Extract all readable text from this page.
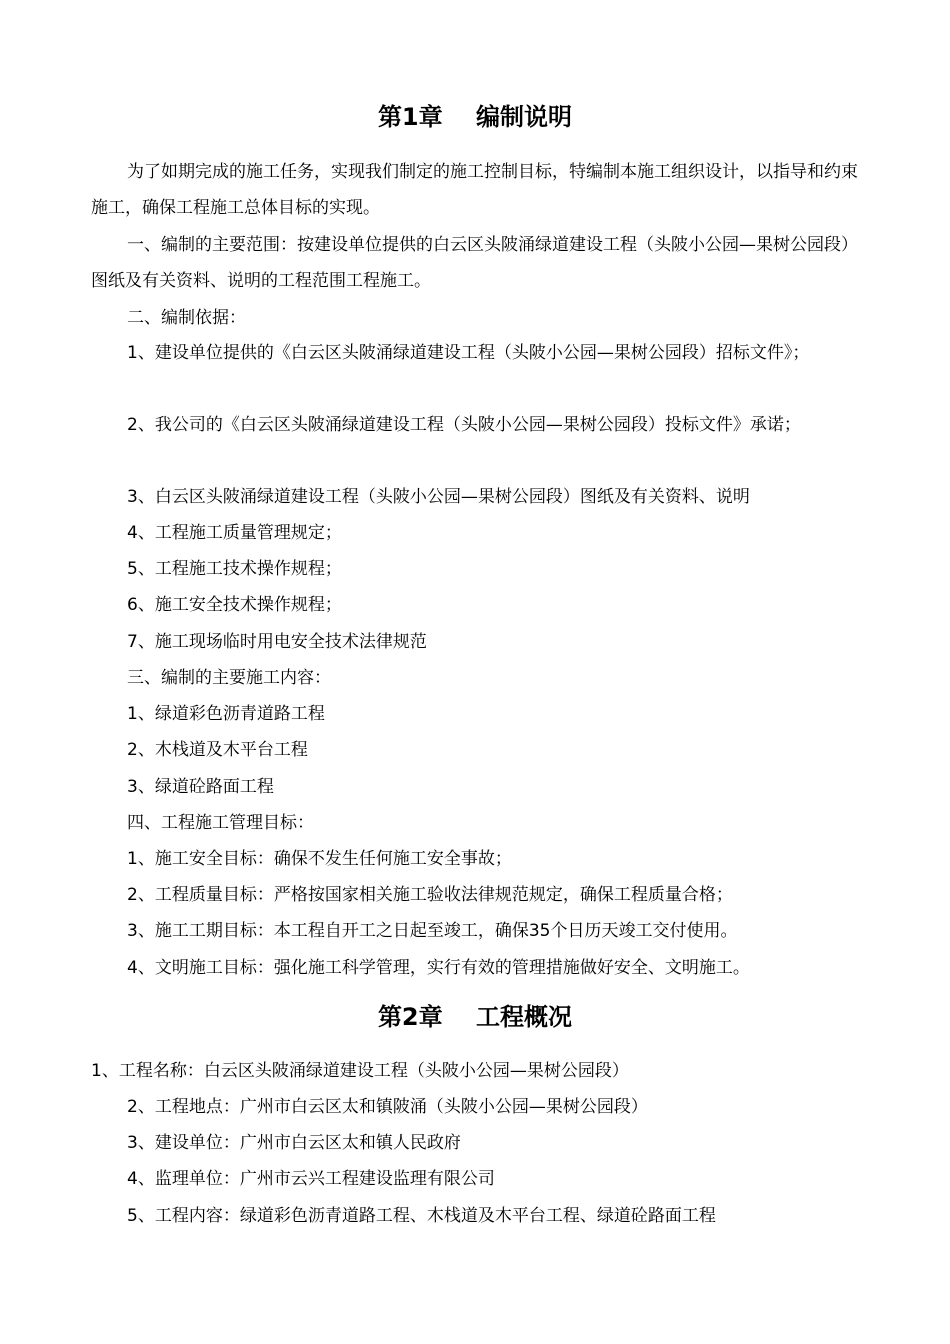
第1章    编制说明

为了如期完成的施工任务，实现我们制定的施工控制目标，特编制本施工组织设计，以指导和约束施工，确保工程施工总体目标的实现。

一、编制的主要范围：按建设单位提供的白云区头陂涌绿道建设工程（头陂小公园—果树公园段）图纸及有关资料、说明的工程范围工程施工。

二、编制依据：

1、建设单位提供的《白云区头陂涌绿道建设工程（头陂小公园—果树公园段）招标文件》；

2、我公司的《白云区头陂涌绿道建设工程（头陂小公园—果树公园段）投标文件》承诺；

3、白云区头陂涌绿道建设工程（头陂小公园—果树公园段）图纸及有关资料、说明

4、工程施工质量管理规定；

5、工程施工技术操作规程；

6、施工安全技术操作规程；

7、施工现场临时用电安全技术法律规范

三、编制的主要施工内容：

1、绿道彩色沥青道路工程

2、木栈道及木平台工程

3、绿道砼路面工程

四、工程施工管理目标：

1、施工安全目标：确保不发生任何施工安全事故；

2、工程质量目标：严格按国家相关施工验收法律规范规定，确保工程质量合格；

3、施工工期目标：本工程自开工之日起至竣工，确保35个日历天竣工交付使用。

4、文明施工目标：强化施工科学管理，实行有效的管理措施做好安全、文明施工。

第2章    工程概况

1、工程名称：白云区头陂涌绿道建设工程（头陂小公园—果树公园段）

2、工程地点：广州市白云区太和镇陂涌（头陂小公园—果树公园段）

3、建设单位：广州市白云区太和镇人民政府

4、监理单位：广州市云兴工程建设监理有限公司

5、工程内容：绿道彩色沥青道路工程、木栈道及木平台工程、绿道砼路面工程
